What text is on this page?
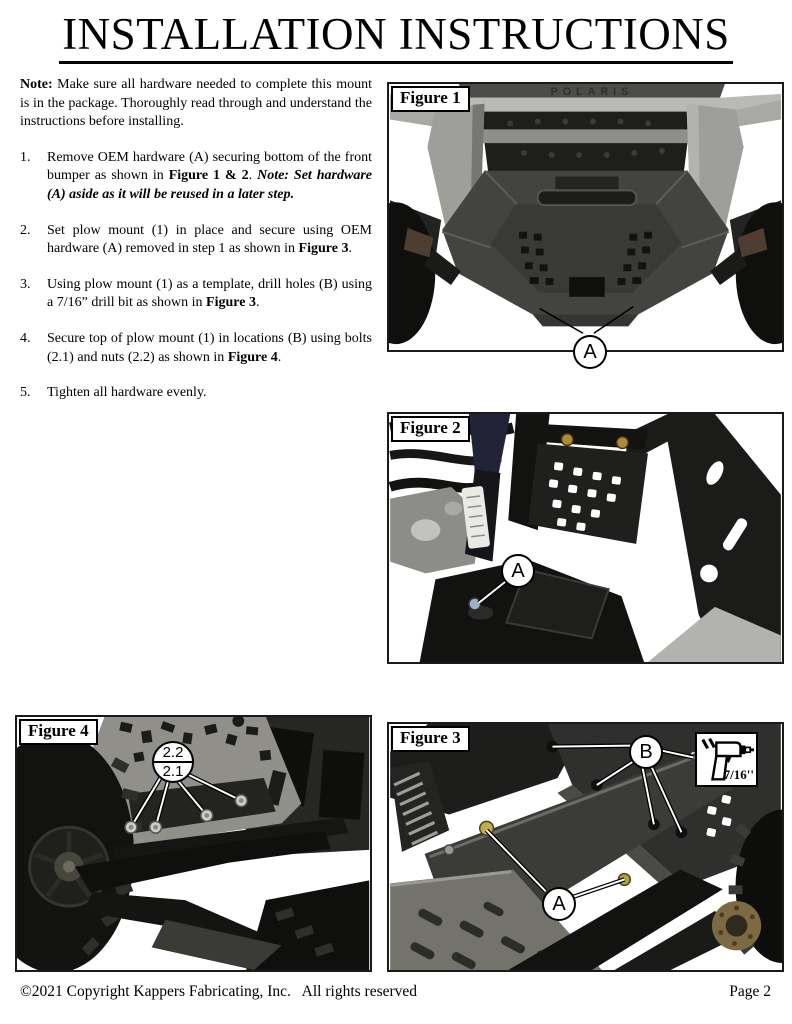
INSTALLATION INSTRUCTIONS

Note: Make sure all hardware needed to complete this mount is in the package. Thoroughly read through and understand the instructions before installing.

1.	Remove OEM hardware (A) securing bottom of the front bumper as shown in Figure 1 & 2. Note: Set hardware (A) aside as it will be reused in a later step.
2.	Set plow mount (1) in place and secure using OEM hardware (A) removed in step 1 as shown in Figure 3.
3.	Using plow mount (1) as a template, drill holes (B) using a 7/16” drill bit as shown in Figure 3.
4.	Secure top of plow mount (1) in locations (B) using bolts (2.1) and nuts (2.2) as shown in Figure 4.
5.	Tighten all hardware evenly.
POLARIS
Figure 1
A
Figure 2
A
Figure 4
2.2
2.1
Figure 3
B
A
7/16''
©2021 Copyright Kappers Fabricating, Inc.   All rights reserved	Page 2
